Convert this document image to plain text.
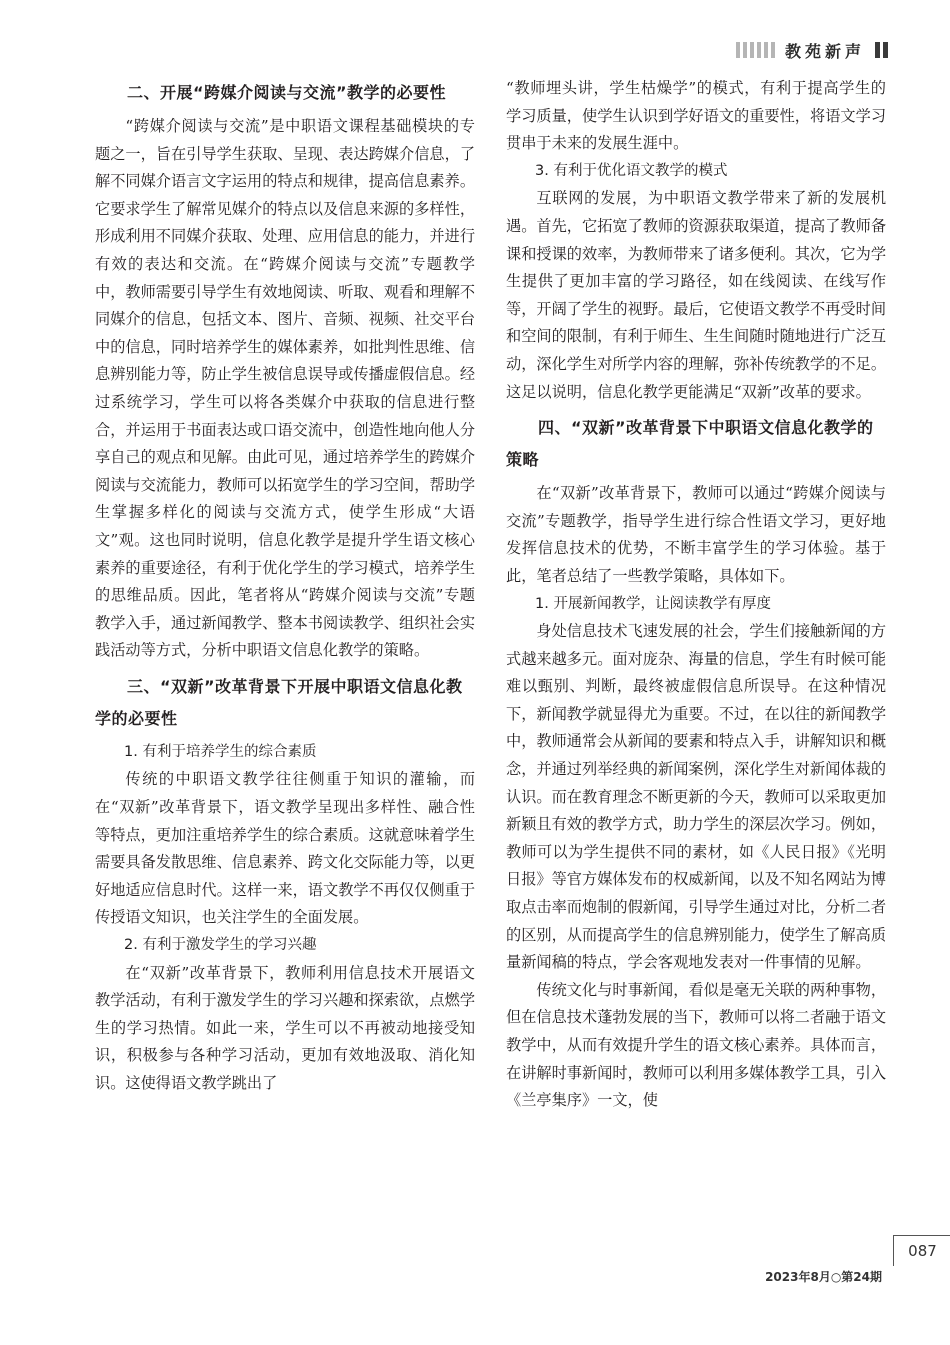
教苑新声
二、开展“跨媒介阅读与交流”教学的必要性

“跨媒介阅读与交流”是中职语文课程基础模块的专题之一，旨在引导学生获取、呈现、表达跨媒介信息，了解不同媒介语言文字运用的特点和规律，提高信息素养。它要求学生了解常见媒介的特点以及信息来源的多样性，形成利用不同媒介获取、处理、应用信息的能力，并进行有效的表达和交流。在“跨媒介阅读与交流”专题教学中，教师需要引导学生有效地阅读、听取、观看和理解不同媒介的信息，包括文本、图片、音频、视频、社交平台中的信息，同时培养学生的媒体素养，如批判性思维、信息辨别能力等，防止学生被信息误导或传播虚假信息。经过系统学习，学生可以将各类媒介中获取的信息进行整合，并运用于书面表达或口语交流中，创造性地向他人分享自己的观点和见解。由此可见，通过培养学生的跨媒介阅读与交流能力，教师可以拓宽学生的学习空间，帮助学生掌握多样化的阅读与交流方式，使学生形成“大语文”观。这也同时说明，信息化教学是提升学生语文核心素养的重要途径，有利于优化学生的学习模式，培养学生的思维品质。因此，笔者将从“跨媒介阅读与交流”专题教学入手，通过新闻教学、整本书阅读教学、组织社会实践活动等方式，分析中职语文信息化教学的策略。

三、“双新”改革背景下开展中职语文信息化教学的必要性
1. 有利于培养学生的综合素质

传统的中职语文教学往往侧重于知识的灌输，而在“双新”改革背景下，语文教学呈现出多样性、融合性等特点，更加注重培养学生的综合素质。这就意味着学生需要具备发散思维、信息素养、跨文化交际能力等，以更好地适应信息时代。这样一来，语文教学不再仅仅侧重于传授语文知识，也关注学生的全面发展。

2. 有利于激发学生的学习兴趣

在“双新”改革背景下，教师利用信息技术开展语文教学活动，有利于激发学生的学习兴趣和探索欲，点燃学生的学习热情。如此一来，学生可以不再被动地接受知识，积极参与各种学习活动，更加有效地汲取、消化知识。这使得语文教学跳出了

“教师埋头讲，学生枯燥学”的模式，有利于提高学生的学习质量，使学生认识到学好语文的重要性，将语文学习贯串于未来的发展生涯中。

3. 有利于优化语文教学的模式

互联网的发展，为中职语文教学带来了新的发展机遇。首先，它拓宽了教师的资源获取渠道，提高了教师备课和授课的效率，为教师带来了诸多便利。其次，它为学生提供了更加丰富的学习路径，如在线阅读、在线写作等，开阔了学生的视野。最后，它使语文教学不再受时间和空间的限制，有利于师生、生生间随时随地进行广泛互动，深化学生对所学内容的理解，弥补传统教学的不足。这足以说明，信息化教学更能满足“双新”改革的要求。

四、“双新”改革背景下中职语文信息化教学的策略

在“双新”改革背景下，教师可以通过“跨媒介阅读与交流”专题教学，指导学生进行综合性语文学习，更好地发挥信息技术的优势，不断丰富学生的学习体验。基于此，笔者总结了一些教学策略，具体如下。

1. 开展新闻教学，让阅读教学有厚度

身处信息技术飞速发展的社会，学生们接触新闻的方式越来越多元。面对庞杂、海量的信息，学生有时候可能难以甄别、判断，最终被虚假信息所误导。在这种情况下，新闻教学就显得尤为重要。不过，在以往的新闻教学中，教师通常会从新闻的要素和特点入手，讲解知识和概念，并通过列举经典的新闻案例，深化学生对新闻体裁的认识。而在教育理念不断更新的今天，教师可以采取更加新颖且有效的教学方式，助力学生的深层次学习。例如，教师可以为学生提供不同的素材，如《人民日报》《光明日报》等官方媒体发布的权威新闻，以及不知名网站为博取点击率而炮制的假新闻，引导学生通过对比，分析二者的区别，从而提高学生的信息辨别能力，使学生了解高质量新闻稿的特点，学会客观地发表对一件事情的见解。

传统文化与时事新闻，看似是毫无关联的两种事物，但在信息技术蓬勃发展的当下，教师可以将二者融于语文教学中，从而有效提升学生的语文核心素养。具体而言，在讲解时事新闻时，教师可以利用多媒体教学工具，引入《兰亭集序》一文，使

087
2023年8月○第24期
